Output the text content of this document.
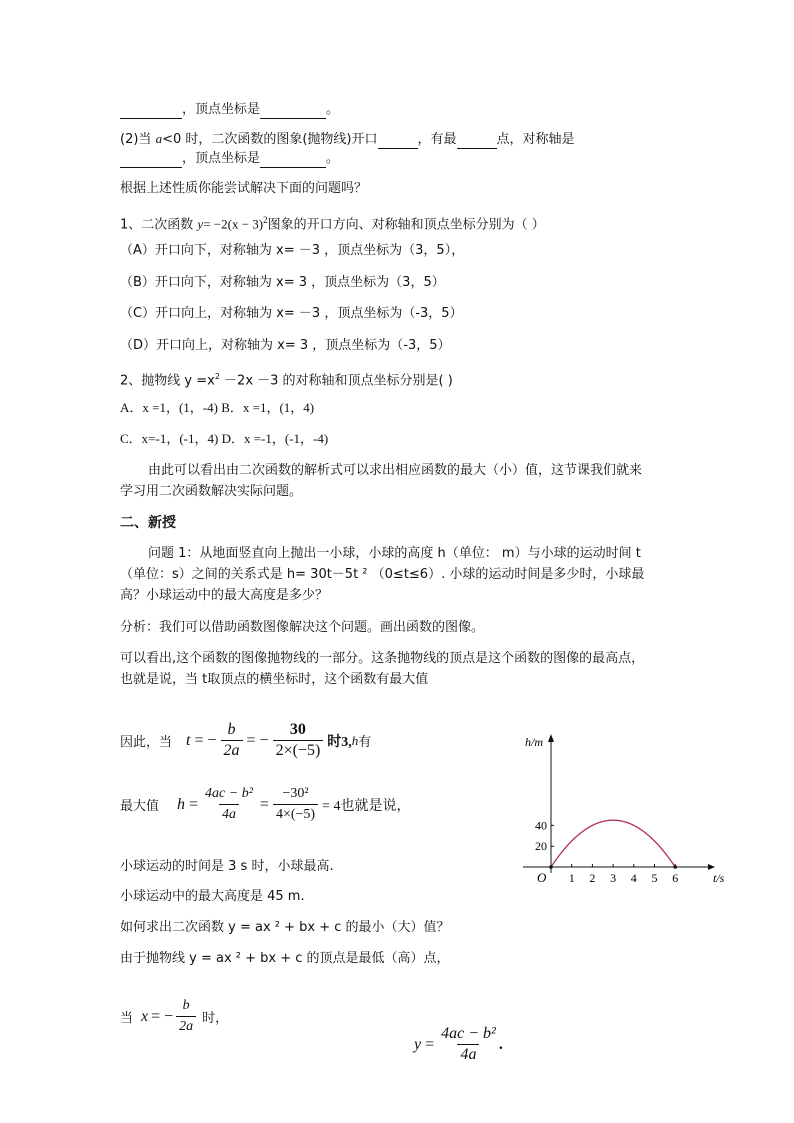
，顶点坐标是	。
(2)当 a<0 时，二次函数的图象(抛物线)开口	，有最	点，对称轴是
，顶点坐标是	。
根据上述性质你能尝试解决下面的问题吗？
1、二次函数 $y= -2(x - 3)^2$图象的开口方向、对称轴和顶点坐标分别为（ ）
（A）开口向下，对称轴为 x= －3 ，顶点坐标为（3，5），
（B）开口向下，对称轴为 x= 3 ，顶点坐标为（3，5）
（C）开口向上，对称轴为 x= －3 ，顶点坐标为（-3，5）
（D）开口向上，对称轴为 x= 3 ，顶点坐标为（-3，5）
2、抛物线 $y =x^2 -2x -3$ 的对称轴和顶点坐标分别是( )
A．x =1，(1，-4) B．x =1，(1，4)
C．x=-1，(-1，4) D．x =-1，(-1，-4)
由此可以看出由二次函数的解析式可以求出相应函数的最大（小）值，这节课我们就来
学习用二次函数解决实际问题。
二、新授
问题 1：从地面竖直向上抛出一小球，小球的高度 h（单位： m）与小球的运动时间 t
（单位：s）之间的关系式是 h= 30t－5t ² （0≤t≤6）. 小球的运动时间是多少时，小球最
高？小球运动中的最大高度是多少？
分析：我们可以借助函数图像解决这个问题。画出函数的图像。
可以看出,这个函数的图像抛物线的一部分。这条抛物线的顶点是这个函数的图像的最高点，
也就是说，当 t取顶点的横坐标时，这个函数有最大值
因此，当 t = − $\frac{b}{2a}$ = − $\frac{30}{2\times(-5)}$ 时3, h 有
最大值 $h = \frac{\text{4ac − b²}}{4a} = \frac{\text{−30²}}{4\times(-5)} = 4$也就是说，
小球运动的时间是 3 s 时，小球最高.
小球运动中的最大高度是 45 m.
如何求出二次函数 y = ax ² + bx + c 的最小（大）值？
由于抛物线 y = ax ² + bx + c 的顶点是最低（高）点，
当 x = − $\frac{b}{2a}$ 时，
$y = \frac{\text{4ac − b²}}{4a}$ .
h/m
t/s
O 1 2 3 4 5 6
20
40
